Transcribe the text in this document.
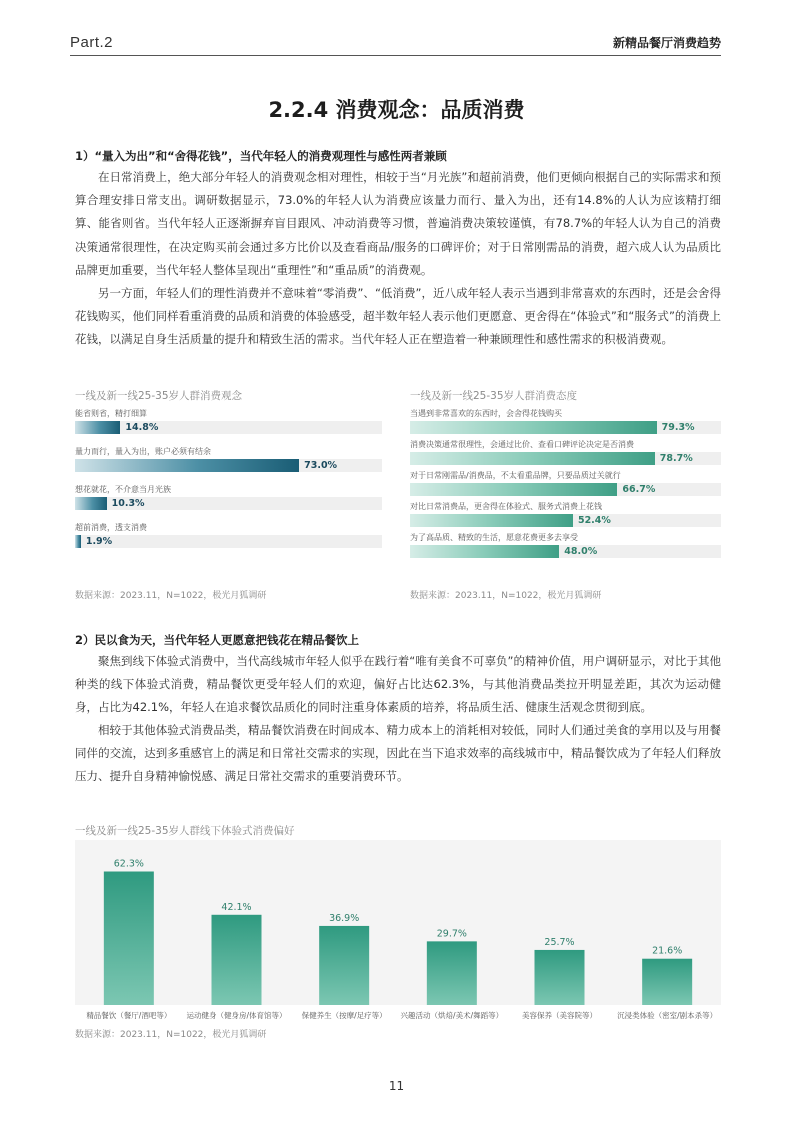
Part.2	新精品餐厅消费趋势
2.2.4 消费观念：品质消费
1）“量入为出”和“舍得花钱”，当代年轻人的消费观理性与感性两者兼顾
在日常消费上，绝大部分年轻人的消费观念相对理性，相较于当“月光族”和超前消费，他们更倾向根据自己的实际需求和预算合理安排日常支出。调研数据显示，73.0%的年轻人认为消费应该量力而行、量入为出，还有14.8%的人认为应该精打细算、能省则省。当代年轻人正逐渐摒弃盲目跟风、冲动消费等习惯，普遍消费决策较谨慎，有78.7%的年轻人认为自己的消费决策通常很理性，在决定购买前会通过多方比价以及查看商品/服务的口碑评价；对于日常刚需品的消费，超六成人认为品质比品牌更加重要，当代年轻人整体呈现出“重理性”和“重品质”的消费观。
另一方面，年轻人们的理性消费并不意味着“零消费”、“低消费”，近八成年轻人表示当遇到非常喜欢的东西时，还是会舍得花钱购买，他们同样看重消费的品质和消费的体验感受，超半数年轻人表示他们更愿意、更舍得在“体验式”和“服务式”的消费上花钱，以满足自身生活质量的提升和精致生活的需求。当代年轻人正在塑造着一种兼顾理性和感性需求的积极消费观。
一线及新一线25-35岁人群消费观念
能省则省，精打细算
14.8%
量力而行，量入为出，账户必须有结余
73.0%
想花就花，不介意当月光族
10.3%
超前消费，透支消费
1.9%
数据来源：2023.11，N=1022，极光月狐调研
一线及新一线25-35岁人群消费态度
当遇到非常喜欢的东西时，会舍得花钱购买
79.3%
消费决策通常很理性，会通过比价、查看口碑评论决定是否消费
78.7%
对于日常刚需品/消费品，不太看重品牌，只要品质过关就行
66.7%
对比日常消费品，更舍得在体验式、服务式消费上花钱
52.4%
为了高品质、精致的生活，愿意花费更多去享受
48.0%
数据来源：2023.11，N=1022，极光月狐调研
2）民以食为天，当代年轻人更愿意把钱花在精品餐饮上
聚焦到线下体验式消费中，当代高线城市年轻人似乎在践行着“唯有美食不可辜负”的精神价值，用户调研显示，对比于其他种类的线下体验式消费，精品餐饮更受年轻人们的欢迎，偏好占比达62.3%，与其他消费品类拉开明显差距，其次为运动健身，占比为42.1%，年轻人在追求餐饮品质化的同时注重身体素质的培养，将品质生活、健康生活观念贯彻到底。
相较于其他体验式消费品类，精品餐饮消费在时间成本、精力成本上的消耗相对较低，同时人们通过美食的享用以及与用餐同伴的交流，达到多重感官上的满足和日常社交需求的实现，因此在当下追求效率的高线城市中，精品餐饮成为了年轻人们释放压力、提升自身精神愉悦感、满足日常社交需求的重要消费环节。
一线及新一线25-35岁人群线下体验式消费偏好
62.3%
精品餐饮（餐厅/酒吧等）
42.1%
运动健身（健身房/体育馆等）
36.9%
保健养生（按摩/足疗等）
29.7%
兴趣活动（烘焙/美术/舞蹈等）
25.7%
美容保养（美容院等）
21.6%
沉浸类体验（密室/剧本杀等）
数据来源：2023.11，N=1022，极光月狐调研
11
